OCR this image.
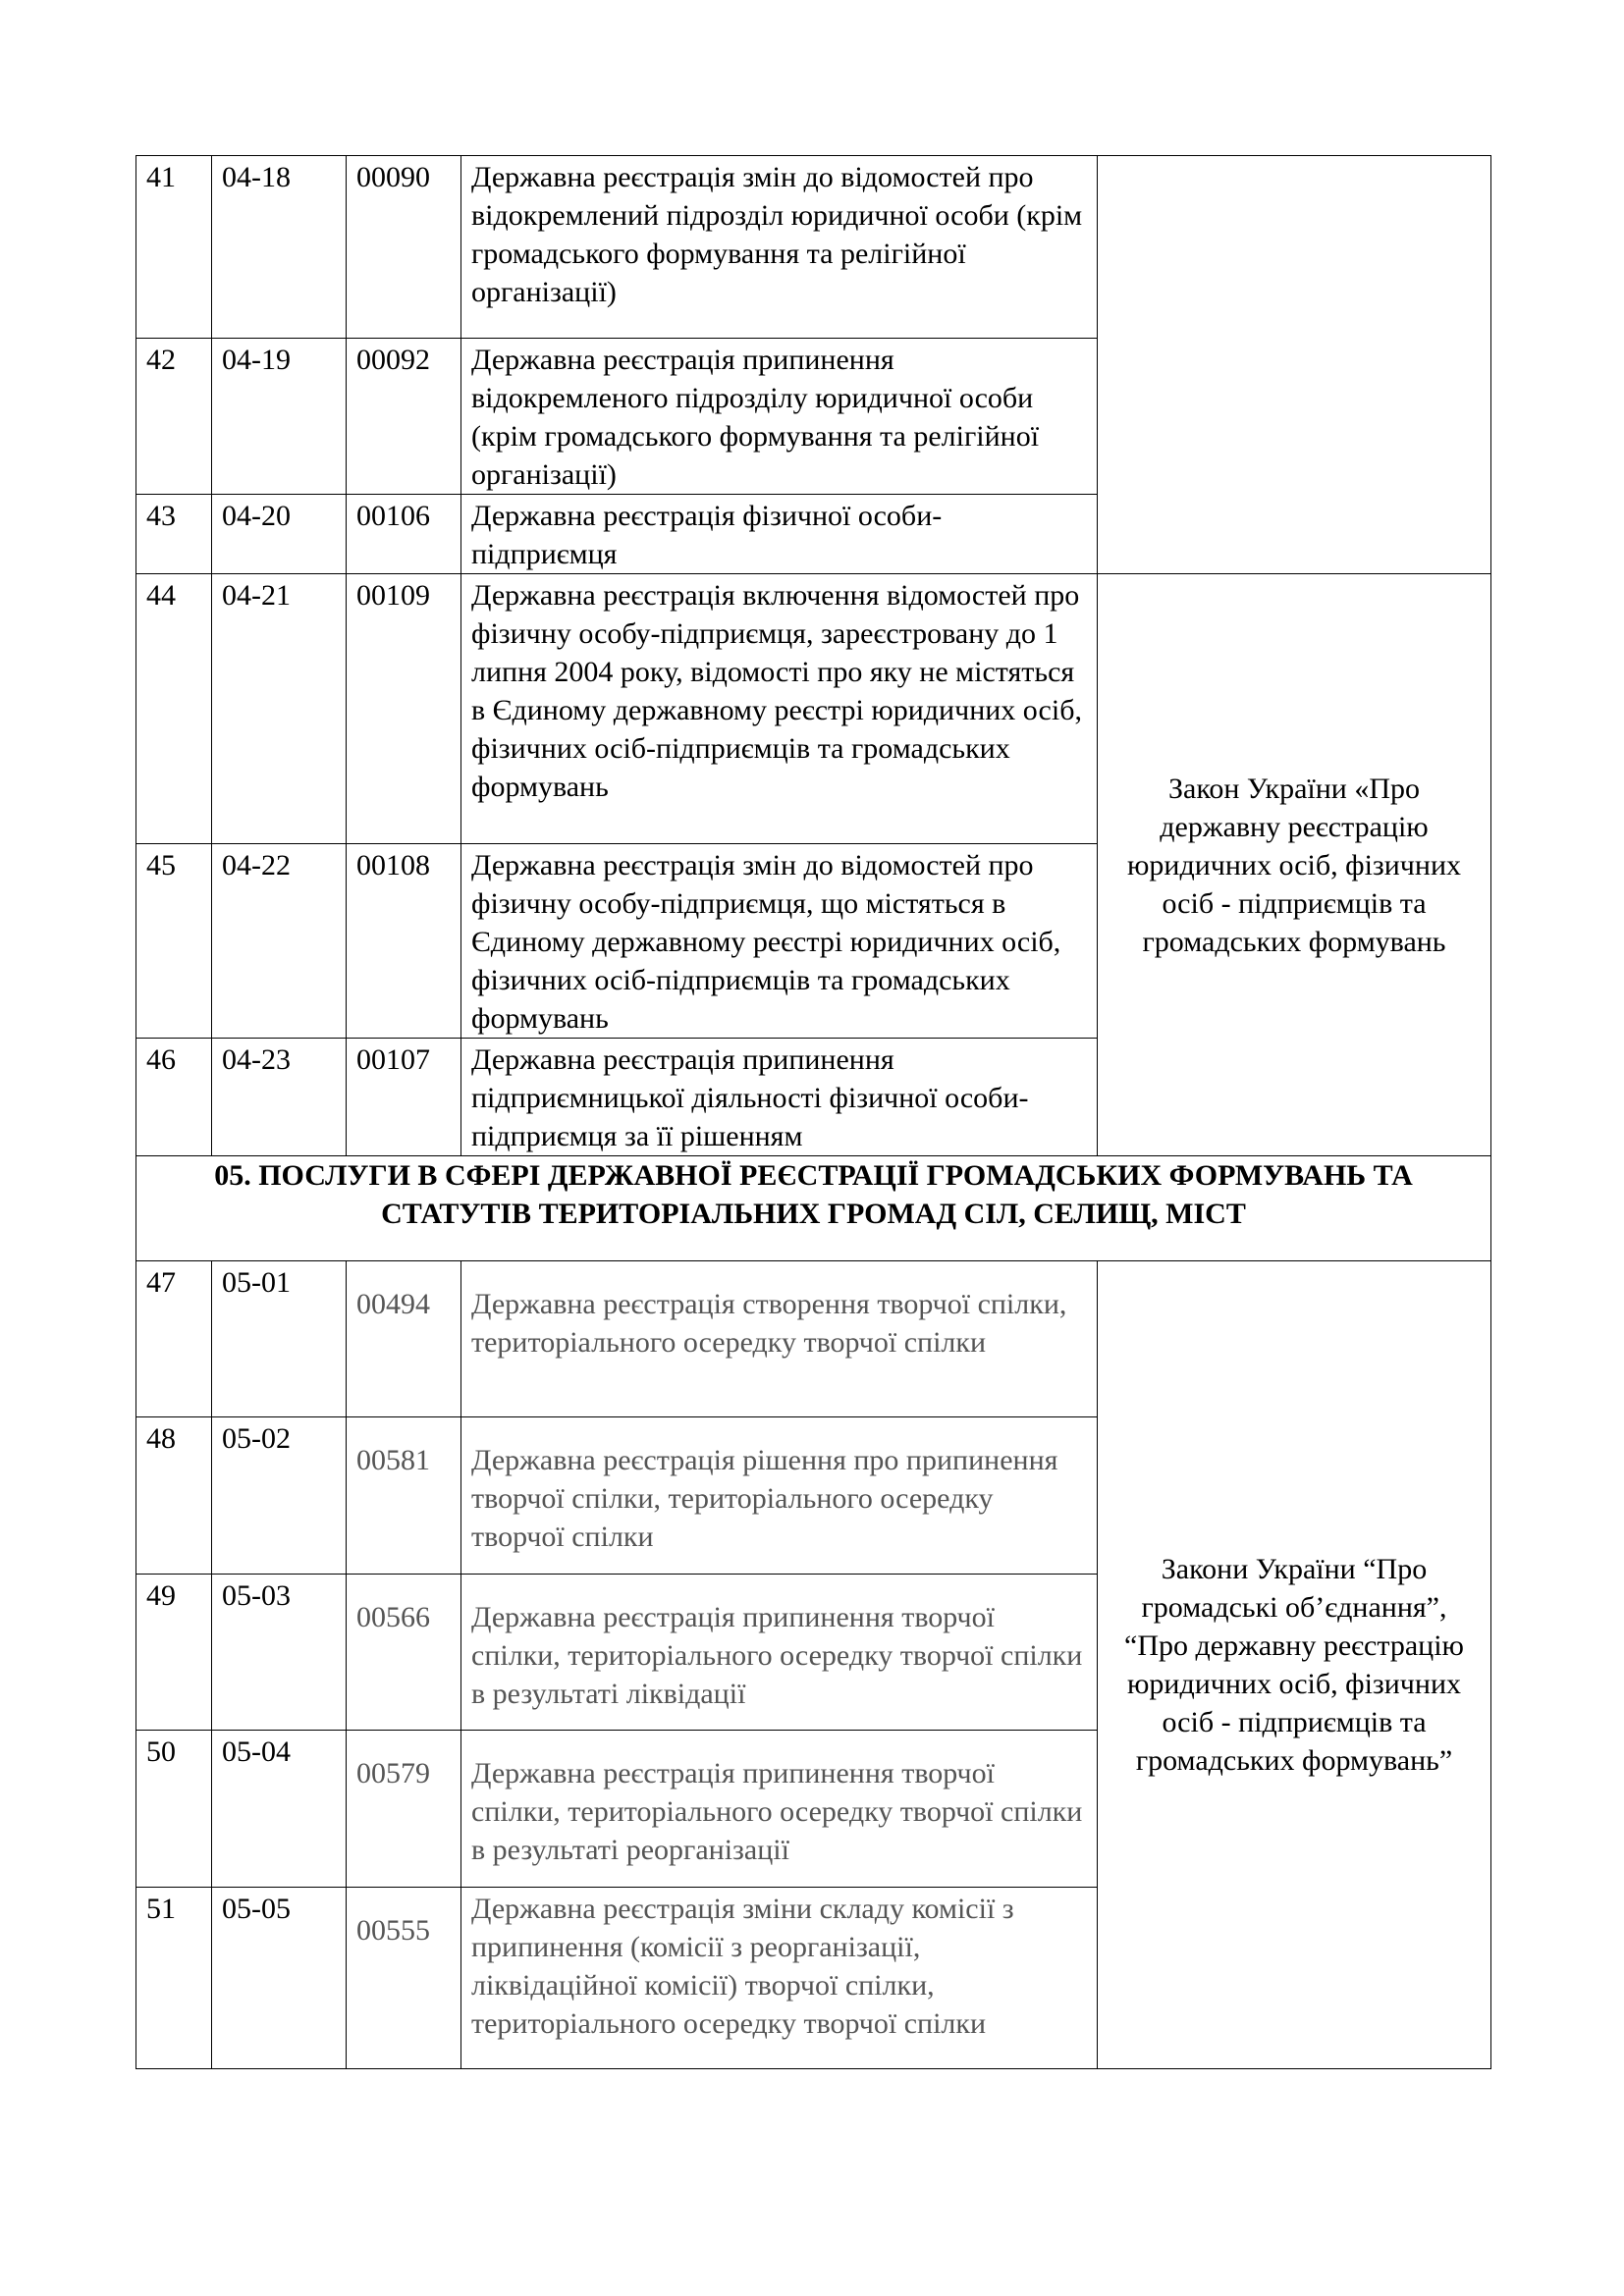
41	04-18	00090	Державна реєстрація змін до відомостей про відокремлений підрозділ юридичної особи (крім громадського формування та релігійної організації)	
42	04-19	00092	Державна реєстрація припинення відокремленого підрозділу юридичної особи (крім громадського формування та релігійної організації)	
43	04-20	00106	Державна реєстрація фізичної особи-підприємця	
44	04-21	00109	Державна реєстрація включення відомостей про фізичну особу-підприємця, зареєстровану до 1 липня 2004 року, відомості про яку не містяться в Єдиному державному реєстрі юридичних осіб, фізичних осіб-підприємців та громадських формувань	Закон України «Про державну реєстрацію юридичних осіб, фізичних осіб - підприємців та громадських формувань
45	04-22	00108	Державна реєстрація змін до відомостей про фізичну особу-підприємця, що містяться в Єдиному державному реєстрі юридичних осіб, фізичних осіб-підприємців та громадських формувань	
46	04-23	00107	Державна реєстрація припинення підприємницької діяльності фізичної особи-підприємця за її рішенням	
05. ПОСЛУГИ В СФЕРІ ДЕРЖАВНОЇ РЕЄСТРАЦІЇ ГРОМАДСЬКИХ ФОРМУВАНЬ ТА СТАТУТІВ ТЕРИТОРІАЛЬНИХ ГРОМАД СІЛ, СЕЛИЩ, МІСТ				
47	05-01	00494	Державна реєстрація створення творчої спілки, територіального осередку творчої спілки	Закони України “Про громадські об’єднання”, “Про державну реєстрацію юридичних осіб, фізичних осіб - підприємців та громадських формувань”
48	05-02	00581	Державна реєстрація рішення про припинення творчої спілки, територіального осередку творчої спілки	
49	05-03	00566	Державна реєстрація припинення творчої спілки, територіального осередку творчої спілки в результаті ліквідації	
50	05-04	00579	Державна реєстрація припинення творчої спілки, територіального осередку творчої спілки в результаті реорганізації	
51	05-05	00555	Державна реєстрація зміни складу комісії з припинення (комісії з реорганізації, ліквідаційної комісії) творчої спілки, територіального осередку творчої спілки	
